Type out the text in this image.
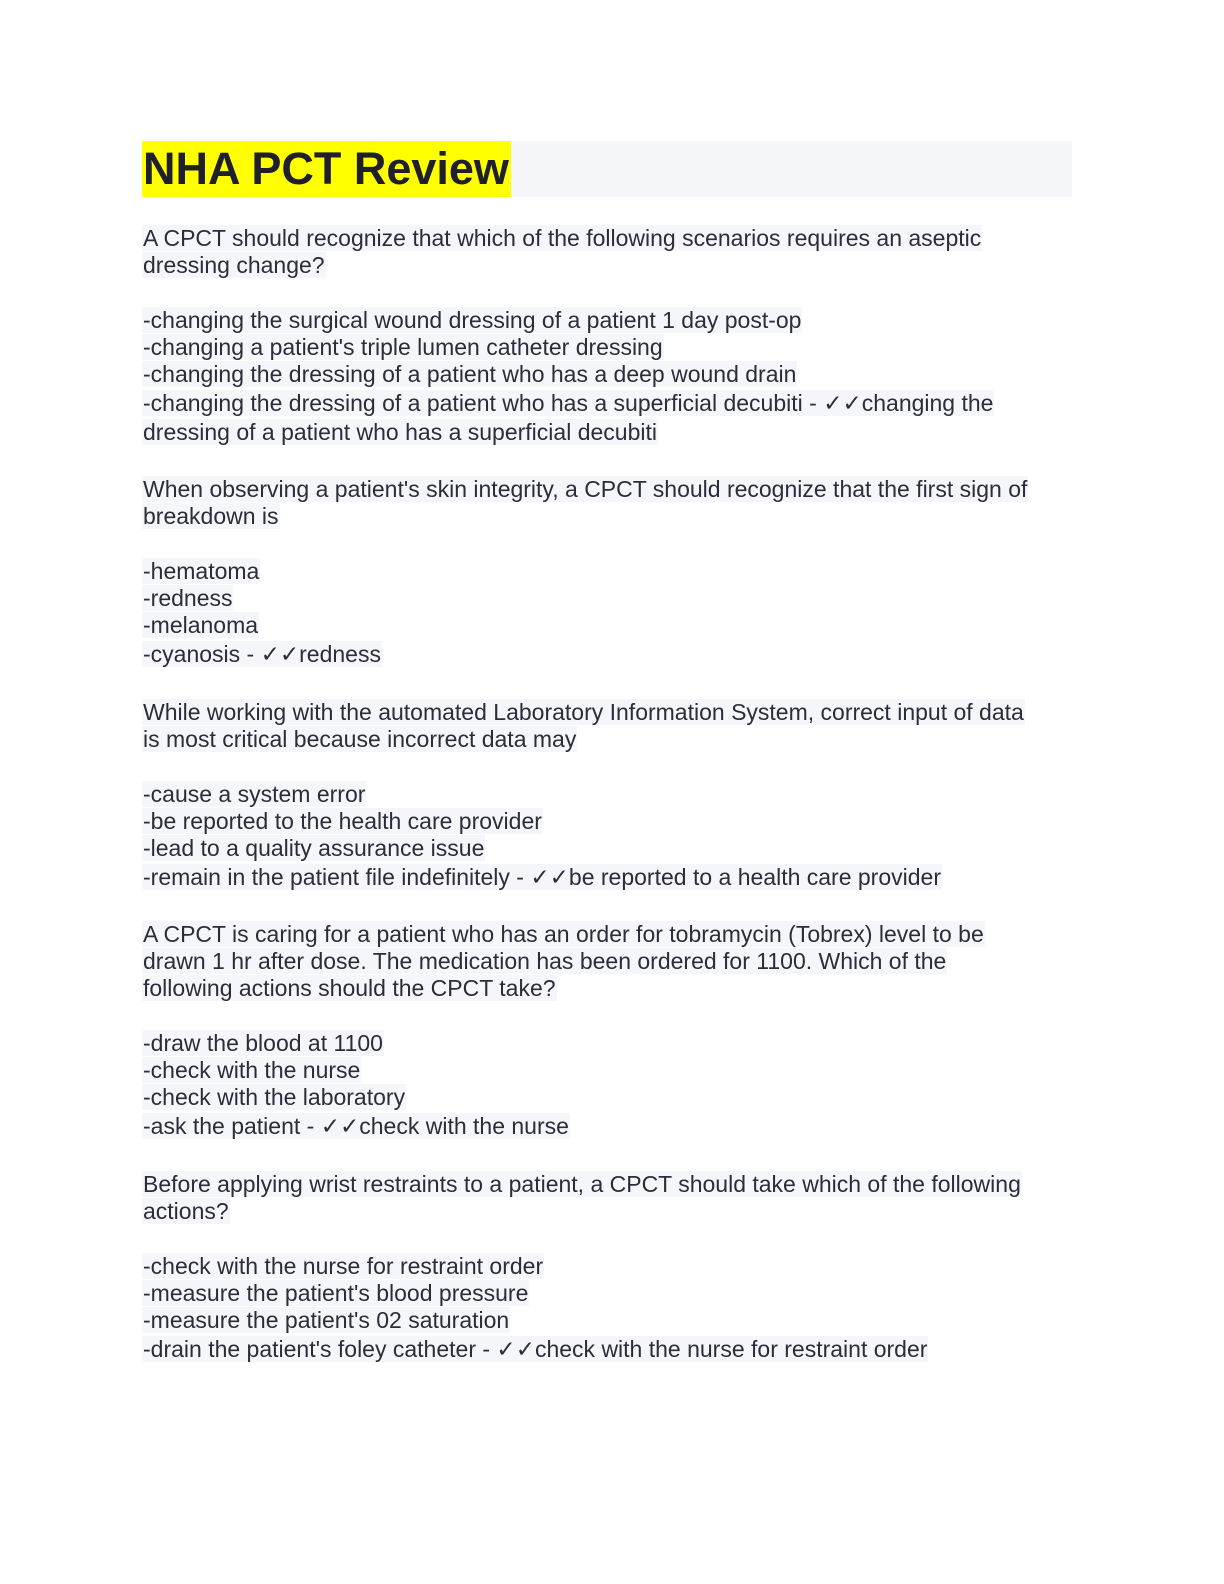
NHA PCT Review
A CPCT should recognize that which of the following scenarios requires an aseptic
dressing change?
-changing the surgical wound dressing of a patient 1 day post-op
-changing a patient's triple lumen catheter dressing
-changing the dressing of a patient who has a deep wound drain
-changing the dressing of a patient who has a superficial decubiti - ✓✓changing the
dressing of a patient who has a superficial decubiti
When observing a patient's skin integrity, a CPCT should recognize that the first sign of
breakdown is
-hematoma
-redness
-melanoma
-cyanosis - ✓✓redness
While working with the automated Laboratory Information System, correct input of data
is most critical because incorrect data may
-cause a system error
-be reported to the health care provider
-lead to a quality assurance issue
-remain in the patient file indefinitely - ✓✓be reported to a health care provider
A CPCT is caring for a patient who has an order for tobramycin (Tobrex) level to be
drawn 1 hr after dose. The medication has been ordered for 1100. Which of the
following actions should the CPCT take?
-draw the blood at 1100
-check with the nurse
-check with the laboratory
-ask the patient - ✓✓check with the nurse
Before applying wrist restraints to a patient, a CPCT should take which of the following
actions?
-check with the nurse for restraint order
-measure the patient's blood pressure
-measure the patient's 02 saturation
-drain the patient's foley catheter - ✓✓check with the nurse for restraint order
